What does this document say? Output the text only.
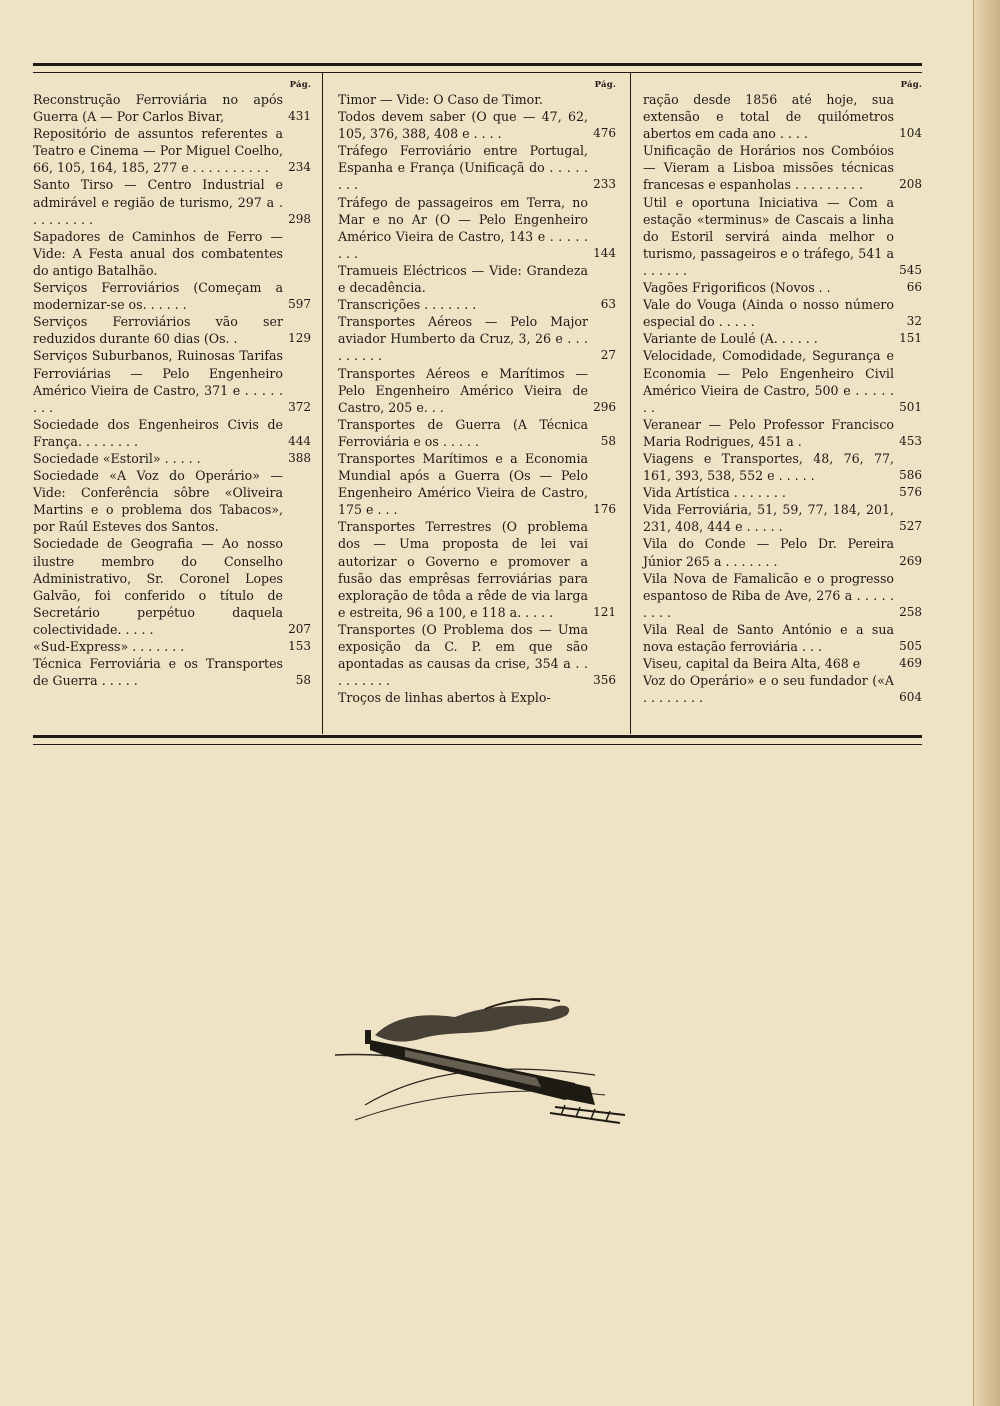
Pág.
Reconstrução Ferroviária no após Guerra (A — Por Carlos Bivar,	431
Repositório de assuntos referentes a Teatro e Cinema — Por Miguel Coelho, 66, 105, 164, 185, 277 e . . . . . . . . . .	234
Santo Tirso — Centro Industrial e admirável e região de turismo, 297 a . . . . . . . . .	298
Sapadores de Caminhos de Ferro — Vide: A Festa anual dos combatentes do antigo Batalhão.
Serviços Ferroviários (Começam a modernizar-se os. . . . . .	597
Serviços Ferroviários vão ser reduzidos durante 60 dias (Os. .	129
Serviços Suburbanos, Ruinosas Tarifas Ferroviárias — Pelo Engenheiro Américo Vieira de Castro, 371 e . . . . . . . .	372
Sociedade dos Engenheiros Civis de França. . . . . . . .	444
Sociedade «Estoril» . . . . .	388
Sociedade «A Voz do Operário» — Vide: Conferência sôbre «Oliveira Martins e o problema dos Tabacos», por Raúl Esteves dos Santos.
Sociedade de Geografia — Ao nosso ilustre membro do Conselho Administrativo, Sr. Coronel Lopes Galvão, foi conferido o título de Secretário perpétuo daquela colectividade. . . . .	207
«Sud-Express» . . . . . . .	153
Técnica Ferroviária e os Transportes de Guerra . . . . .	58
Pág.
Timor — Vide: O Caso de Timor.
Todos devem saber (O que — 47, 62, 105, 376, 388, 408 e . . . .	476
Tráfego Ferroviário entre Portugal, Espanha e França (Unificaçã do . . . . . . . .	233
Tráfego de passageiros em Terra, no Mar e no Ar (O — Pelo Engenheiro Américo Vieira de Castro, 143 e . . . . . . . .	144
Tramueis Eléctricos — Vide: Grandeza e decadência.
Transcrições . . . . . . .	63
Transportes Aéreos — Pelo Major aviador Humberto da Cruz, 3, 26 e . . . . . . . . .	27
Transportes Aéreos e Marítimos — Pelo Engenheiro Américo Vieira de Castro, 205 e. . .	296
Transportes de Guerra (A Técnica Ferroviária e os . . . . .	58
Transportes Marítimos e a Economia Mundial após a Guerra (Os — Pelo Engenheiro Américo Vieira de Castro, 175 e . . .	176
Transportes Terrestres (O problema dos — Uma proposta de lei vai autorizar o Governo e promover a fusão das emprêsas ferroviárias para exploração de tôda a rêde de via larga e estreita, 96 a 100, e 118 a. . . . .	121
Transportes (O Problema dos — Uma exposição da C. P. em que são apontadas as causas da crise, 354 a . . . . . . . . .	356
Troços de linhas abertos à Explo-
Pág.
ração desde 1856 até hoje, sua extensão e total de quilómetros abertos em cada ano . . . .	104
Unificação de Horários nos Combóios — Vieram a Lisboa missões técnicas francesas e espanholas . . . . . . . . .	208
Util e oportuna Iniciativa — Com a estação «terminus» de Cascais a linha do Estoril servirá ainda melhor o turismo, passageiros e o tráfego, 541 a . . . . . .	545
Vagões Frigorificos (Novos . .	66
Vale do Vouga (Ainda o nosso número especial do . . . . .	32
Variante de Loulé (A. . . . . .	151
Velocidade, Comodidade, Segurança e Economia — Pelo Engenheiro Civil Américo Vieira de Castro, 500 e . . . . . . .	501
Veranear — Pelo Professor Francisco Maria Rodrigues, 451 a .	453
Viagens e Transportes, 48, 76, 77, 161, 393, 538, 552 e . . . . .	586
Vida Artística . . . . . . .	576
Vida Ferroviária, 51, 59, 77, 184, 201, 231, 408, 444 e . . . . .	527
Vila do Conde — Pelo Dr. Pereira Júnior 265 a . . . . . . .	269
Vila Nova de Famalicão e o progresso espantoso de Riba de Ave, 276 a . . . . . . . . .	258
Vila Real de Santo António e a sua nova estação ferroviária . . .	505
Viseu, capital da Beira Alta, 468 e	469
Voz do Operário» e o seu fundador («A . . . . . . . .	604
